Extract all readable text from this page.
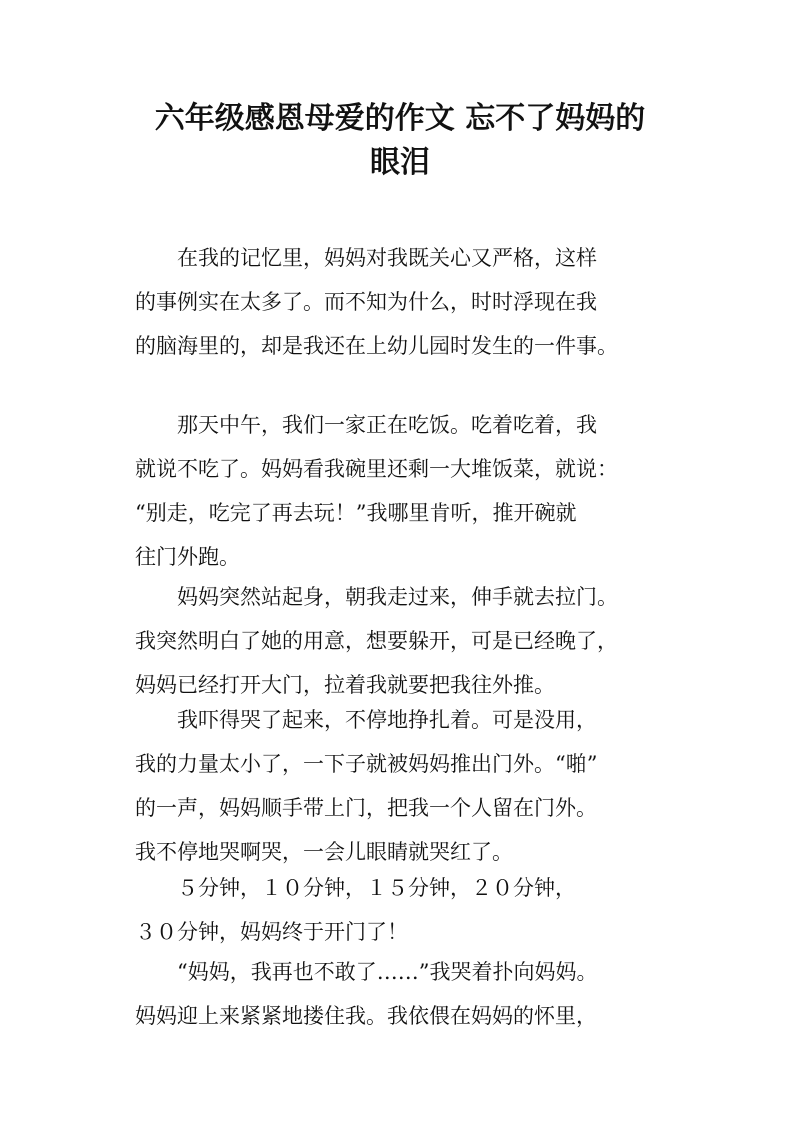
六年级感恩母爱的作文 忘不了妈妈的
眼泪
　　在我的记忆里，妈妈对我既关心又严格，这样
的事例实在太多了。而不知为什么，时时浮现在我
的脑海里的，却是我还在上幼儿园时发生的一件事。
　　那天中午，我们一家正在吃饭。吃着吃着，我
就说不吃了。妈妈看我碗里还剩一大堆饭菜，就说：
“别走，吃完了再去玩！”我哪里肯听，推开碗就
往门外跑。
　　妈妈突然站起身，朝我走过来，伸手就去拉门。
我突然明白了她的用意，想要躲开，可是已经晚了，
妈妈已经打开大门，拉着我就要把我往外推。
　　我吓得哭了起来，不停地挣扎着。可是没用，
我的力量太小了，一下子就被妈妈推出门外。“啪”
的一声，妈妈顺手带上门，把我一个人留在门外。
我不停地哭啊哭，一会儿眼睛就哭红了。
　　５分钟，１０分钟，１５分钟，２０分钟，
３０分钟，妈妈终于开门了！
　　“妈妈，我再也不敢了……”我哭着扑向妈妈。
妈妈迎上来紧紧地搂住我。我依偎在妈妈的怀里，
